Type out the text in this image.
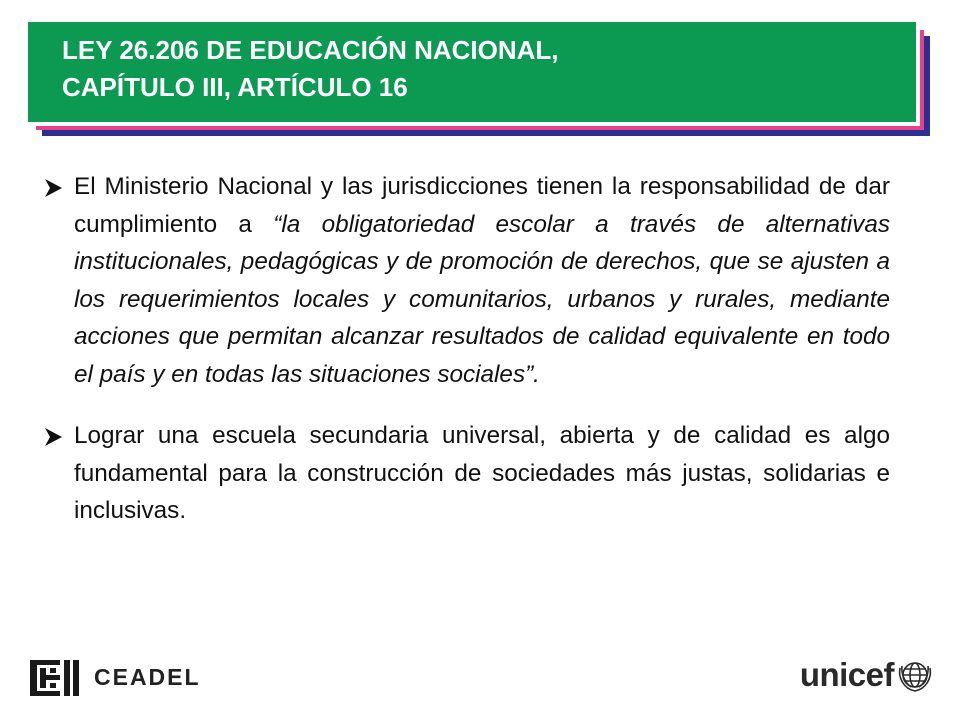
LEY 26.206 DE EDUCACIÓN NACIONAL,
CAPÍTULO III, ARTÍCULO 16

El Ministerio Nacional y las jurisdicciones tienen la responsabilidad de dar cumplimiento a “la obligatoriedad escolar a través de alternativas institucionales, pedagógicas y de promoción de derechos, que se ajusten a los requerimientos locales y comunitarios, urbanos y rurales, mediante acciones que permitan alcanzar resultados de calidad equivalente en todo el país y en todas las situaciones sociales”.

Lograr una escuela secundaria universal, abierta y de calidad es algo fundamental para la construcción de sociedades más justas, solidarias e inclusivas.

CEADEL	unicef
